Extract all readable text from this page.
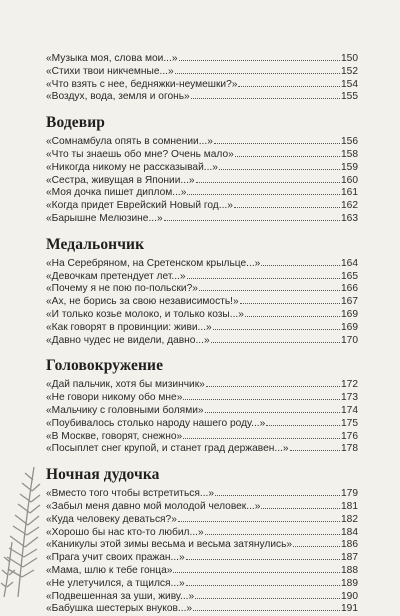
«Музыка моя, слова мои...»	150
«Стихи твои никчемные...»	152
«Что взять с нее, бедняжки-неумешки?»	154
«Воздух, вода, земля и огонь»	155
Водевир
«Сомнамбула опять в сомнении...»	156
«Что ты знаешь обо мне? Очень мало»	158
«Никогда никому не рассказывай...»	159
«Сестра, живущая в Японии...»	160
«Моя дочка пишет диплом...»	161
«Когда придет Еврейский Новый год...»	162
«Барышне Мелюзине...»	163
Медальончик
«На Серебряном, на Сретенском крыльце...»	164
«Девочкам претендует лет...»	165
«Почему я не пою по-польски?»	166
«Ах, не борись за свою независимость!»	167
«И только козье молоко, и только козы...»	169
«Как говорят в провинции: живи...»	169
«Давно чудес не видели, давно...»	170
Головокружение
«Дай пальчик, хотя бы мизинчик»	172
«Не говори никому обо мне»	173
«Мальчику с головными болями»	174
«Поубивалось столько народу нашего роду...»	175
«В Москве, говорят, снежно»	176
«Посыплет снег крупой, и станет град державен...»	178
Ночная дудочка
«Вместо того чтобы встретиться...»	179
«Забыл меня давно мой молодой человек...»	181
«Куда человеку деваться?»	182
«Хорошо бы нас кто-то любил...»	184
«Каникулы этой зимы весьма и весьма затянулись»	186
«Прага учит своих пражан...»	187
«Мама, шлю к тебе гонца»	188
«Не улетучился, а тщился...»	189
«Подвешенная за уши, живу...»	190
«Бабушка шестерых внуков...»	191
